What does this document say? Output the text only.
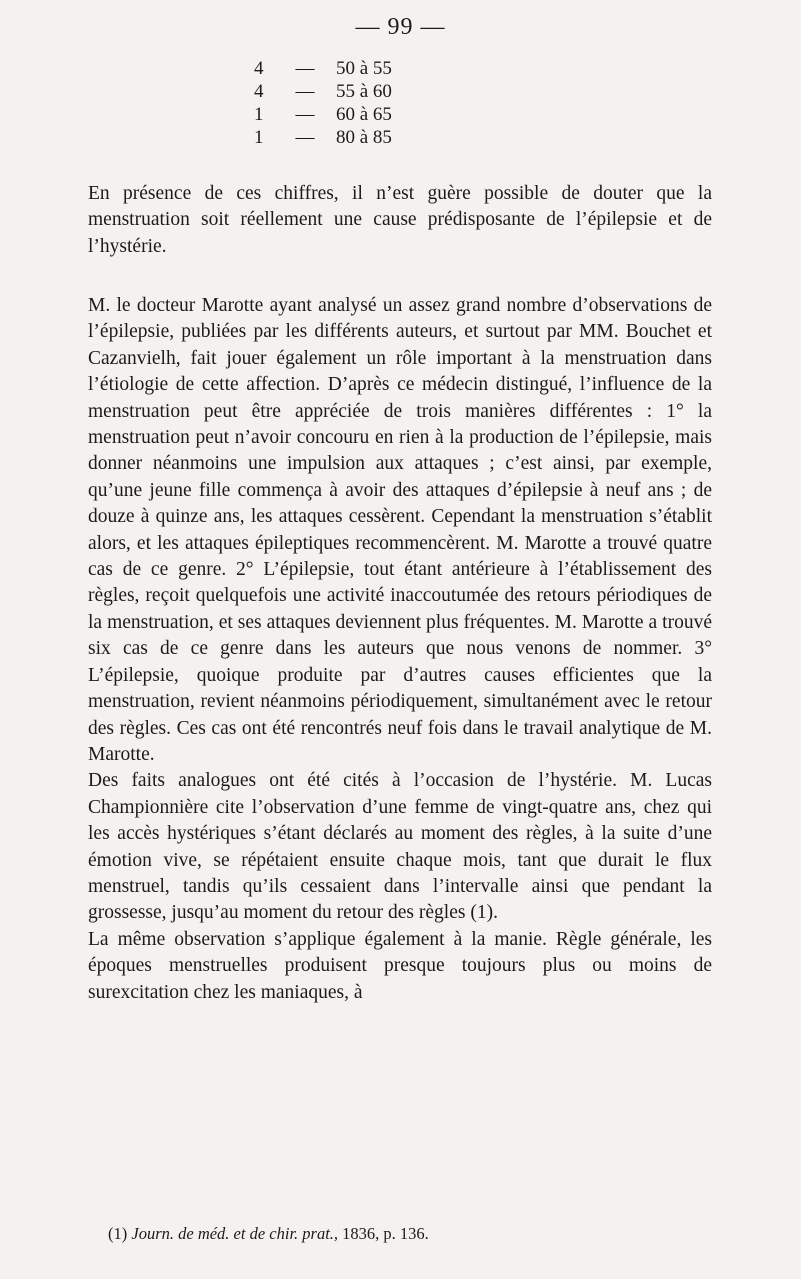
— 99 —
4	—	50 à 55
4	—	55 à 60
1	—	60 à 65
1	—	80 à 85

En présence de ces chiffres, il n’est guère possible de douter que la menstruation soit réellement une cause prédisposante de l’épilepsie et de l’hystérie.

M. le docteur Marotte ayant analysé un assez grand nombre d’observations de l’épilepsie, publiées par les différents auteurs, et surtout par MM. Bouchet et Cazanvielh, fait jouer également un rôle important à la menstruation dans l’étiologie de cette affection. D’après ce médecin distingué, l’influence de la menstruation peut être appréciée de trois manières différentes : 1° la menstruation peut n’avoir concouru en rien à la production de l’épilepsie, mais donner néanmoins une impulsion aux attaques ; c’est ainsi, par exemple, qu’une jeune fille commença à avoir des attaques d’épilepsie à neuf ans ; de douze à quinze ans, les attaques cessèrent. Cependant la menstruation s’établit alors, et les attaques épileptiques recommencèrent. M. Marotte a trouvé quatre cas de ce genre. 2° L’épilepsie, tout étant antérieure à l’établissement des règles, reçoit quelquefois une activité inaccoutumée des retours périodiques de la menstruation, et ses attaques deviennent plus fréquentes. M. Marotte a trouvé six cas de ce genre dans les auteurs que nous venons de nommer. 3° L’épilepsie, quoique produite par d’autres causes efficientes que la menstruation, revient néanmoins périodiquement, simultanément avec le retour des règles. Ces cas ont été rencontrés neuf fois dans le travail analytique de M. Marotte.

Des faits analogues ont été cités à l’occasion de l’hystérie. M. Lucas Championnière cite l’observation d’une femme de vingt-quatre ans, chez qui les accès hystériques s’étant déclarés au moment des règles, à la suite d’une émotion vive, se répétaient ensuite chaque mois, tant que durait le flux menstruel, tandis qu’ils cessaient dans l’intervalle ainsi que pendant la grossesse, jusqu’au moment du retour des règles (1).

La même observation s’applique également à la manie. Règle générale, les époques menstruelles produisent presque toujours plus ou moins de surexcitation chez les maniaques, à

(1) Journ. de méd. et de chir. prat., 1836, p. 136.
